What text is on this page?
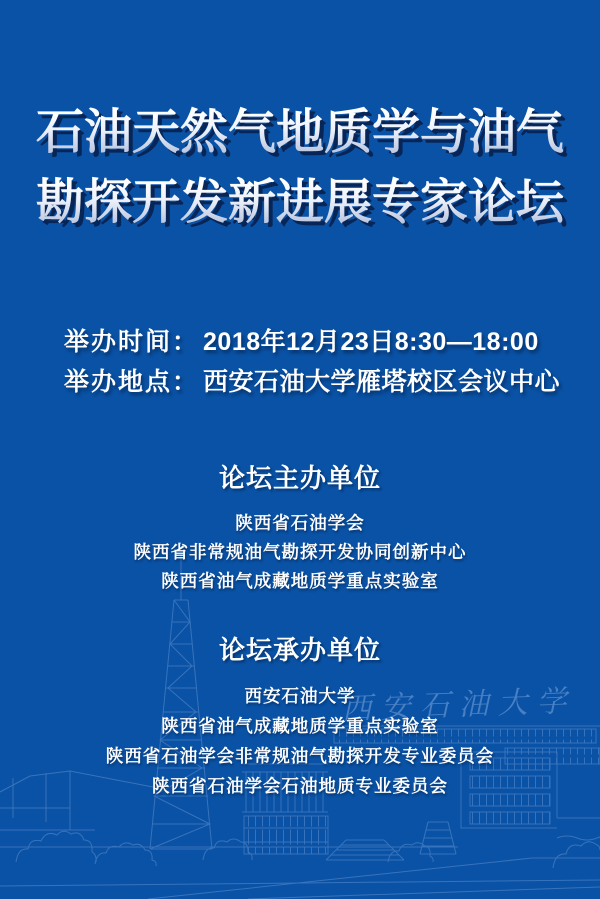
西安石油大学
石油天然气地质学与油气
勘探开发新进展专家论坛
举办时间： 2018年12月23日8:30—18:00
举办地点： 西安石油大学雁塔校区会议中心
论坛主办单位
陕西省石油学会
陕西省非常规油气勘探开发协同创新中心
陕西省油气成藏地质学重点实验室
论坛承办单位
西安石油大学
陕西省油气成藏地质学重点实验室
陕西省石油学会非常规油气勘探开发专业委员会
陕西省石油学会石油地质专业委员会
